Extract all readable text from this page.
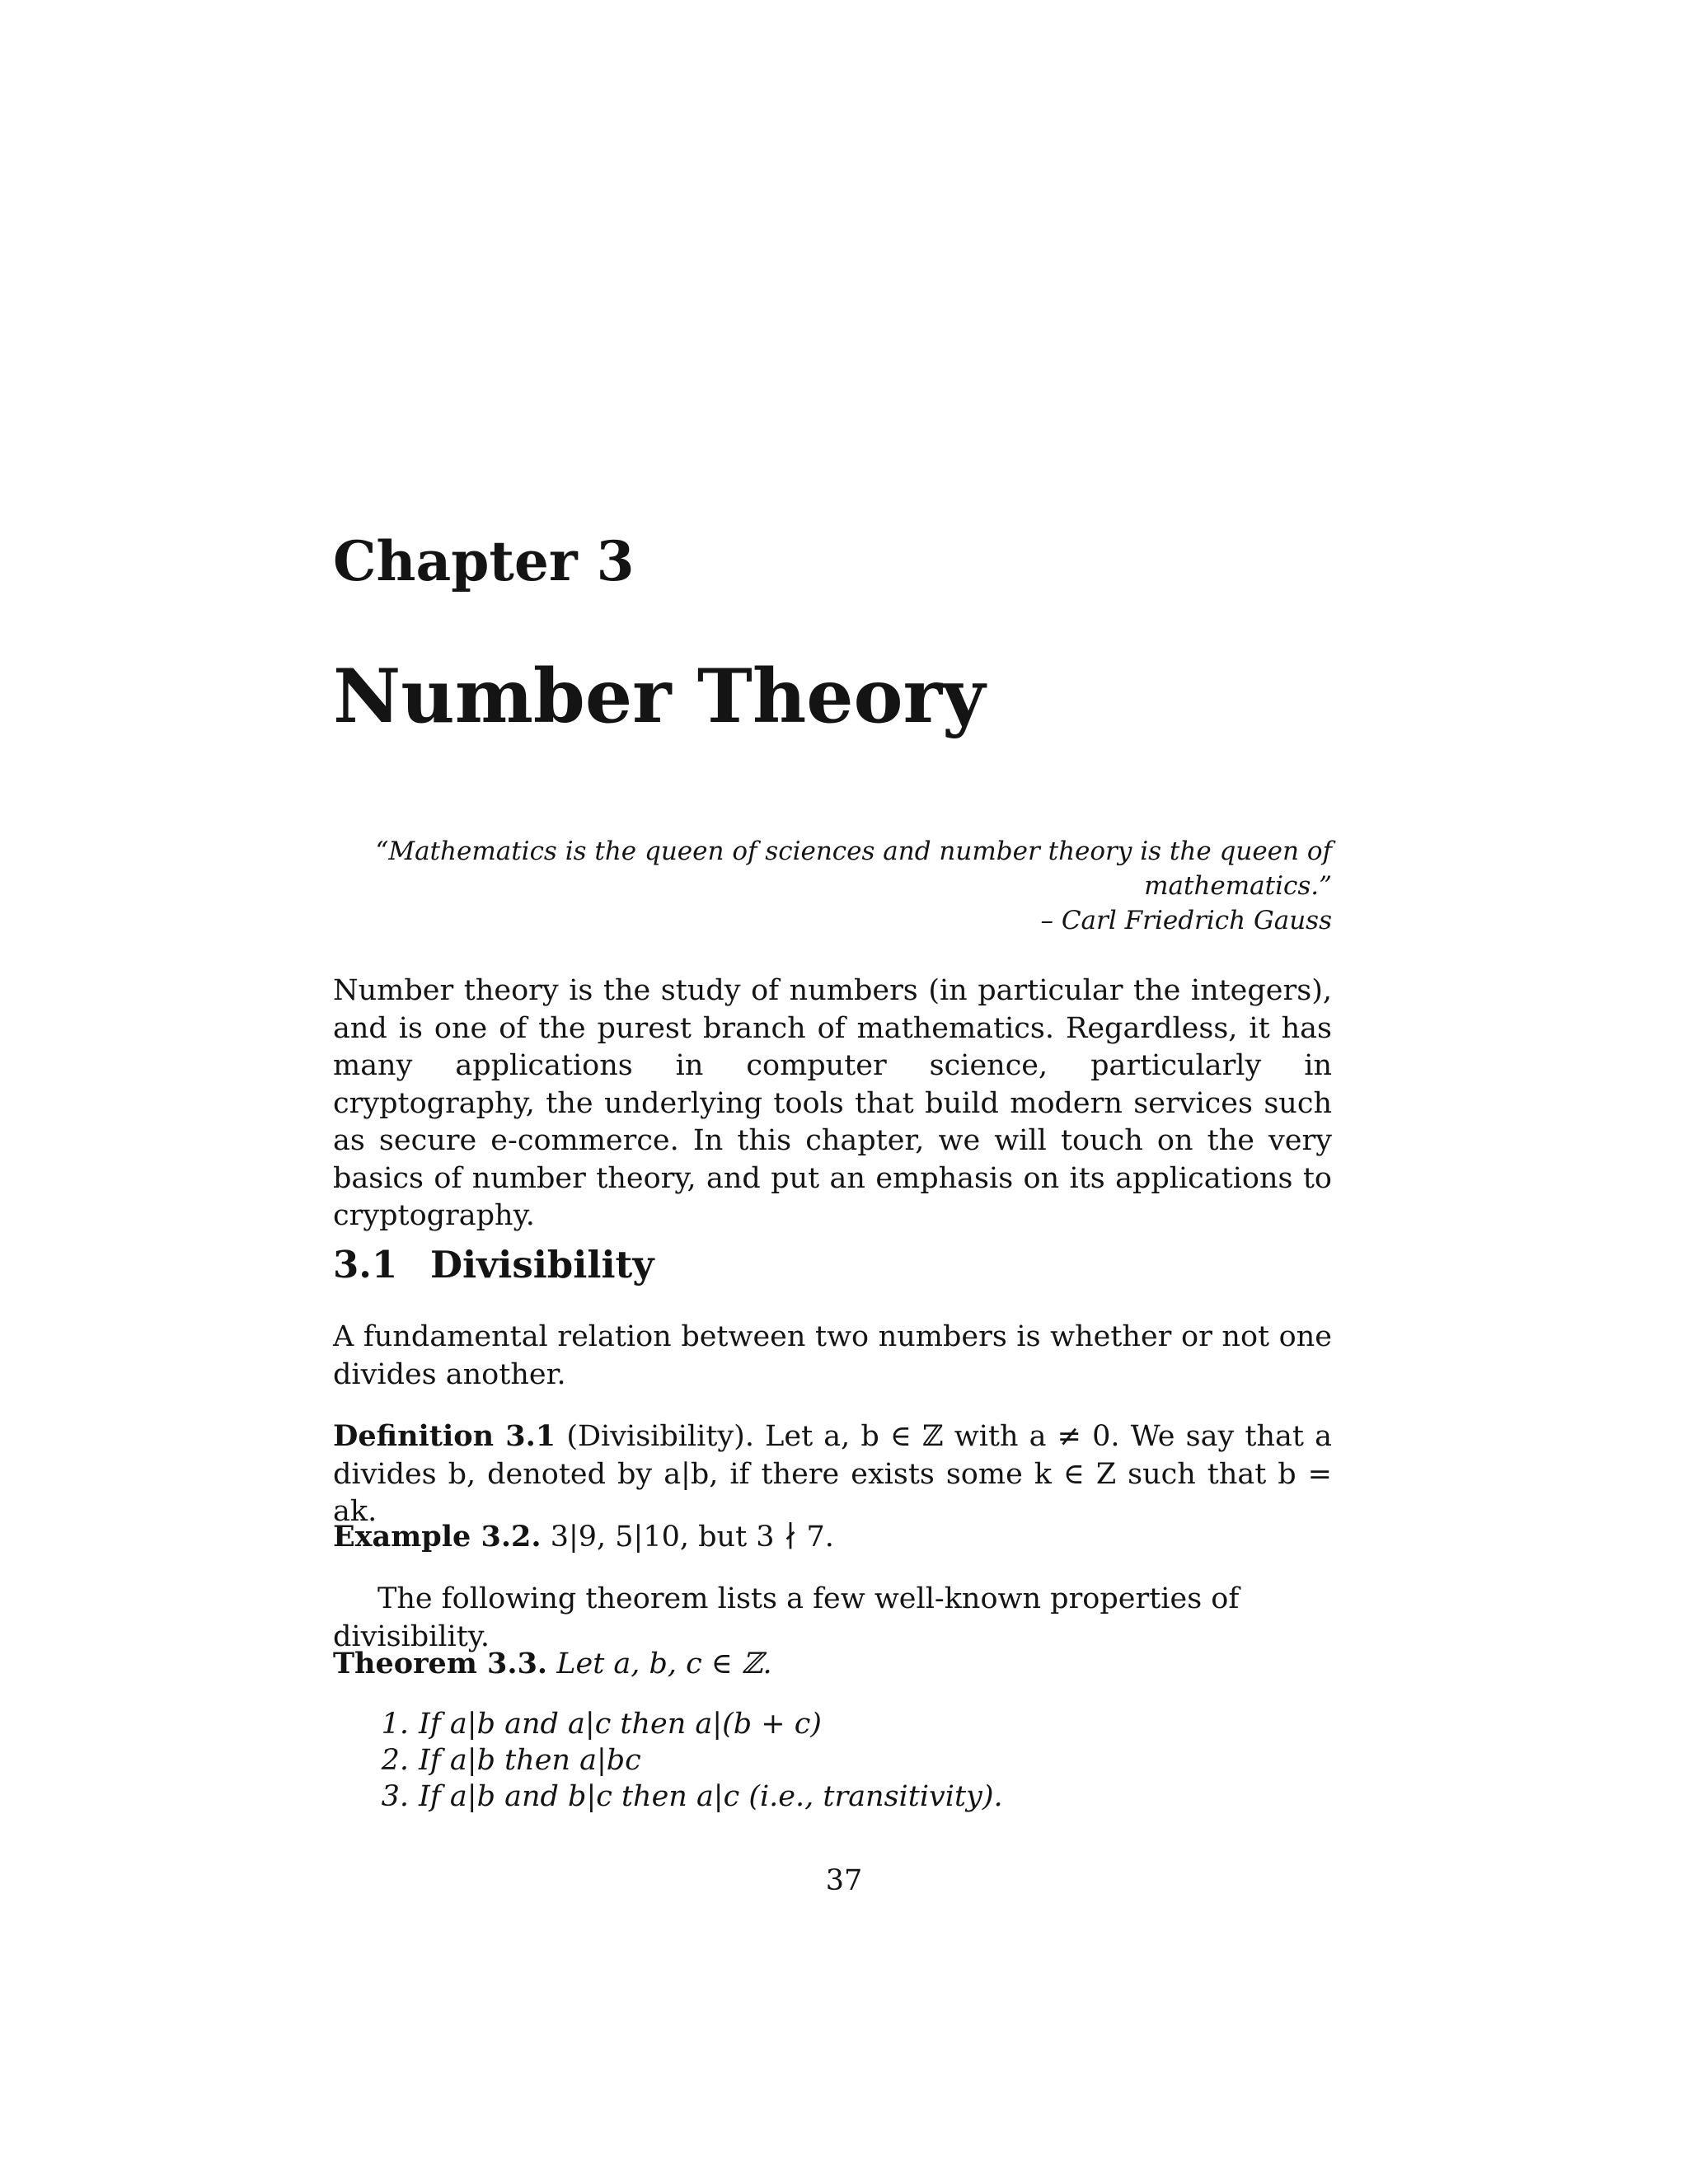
Chapter 3
Number Theory
“Mathematics is the queen of sciences and number theory is the queen of
mathematics.”
– Carl Friedrich Gauss
Number theory is the study of numbers (in particular the integers), and is one of the purest branch of mathematics. Regardless, it has many applications in computer science, particularly in cryptography, the underlying tools that build modern services such as secure e-commerce. In this chapter, we will touch on the very basics of number theory, and put an emphasis on its applications to cryptography.
3.1 Divisibility
A fundamental relation between two numbers is whether or not one divides another.
Definition 3.1 (Divisibility). Let a, b ∈ ℤ with a ≠ 0. We say that a divides b, denoted by a|b, if there exists some k ∈ Z such that b = ak.
Example 3.2. 3|9, 5|10, but 3 ∤ 7.
The following theorem lists a few well-known properties of divisibility.
Theorem 3.3. Let a, b, c ∈ ℤ.
1. If a|b and a|c then a|(b + c)
2. If a|b then a|bc
3. If a|b and b|c then a|c (i.e., transitivity).
37
